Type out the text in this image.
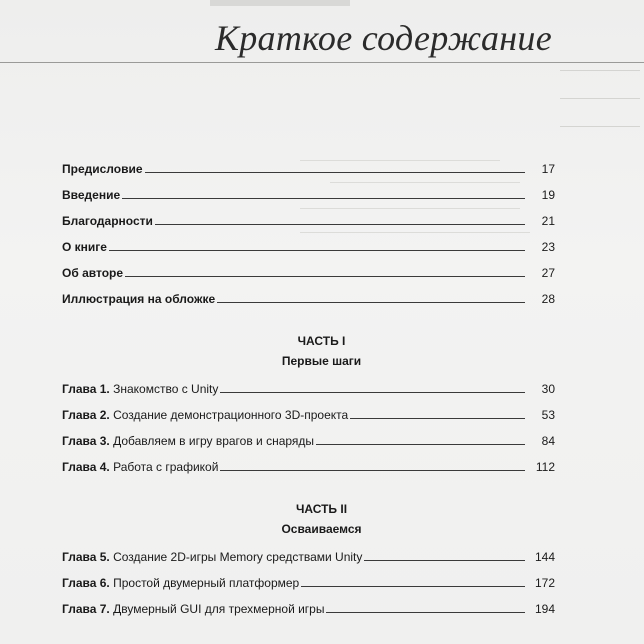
Краткое содержание
Предисловие	17
Введение	19
Благодарности	21
О книге	23
Об авторе	27
Иллюстрация на обложке	28
ЧАСТЬ I
Первые шаги
Глава 1. Знакомство с Unity	30
Глава 2. Создание демонстрационного 3D-проекта	53
Глава 3. Добавляем в игру врагов и снаряды	84
Глава 4. Работа с графикой	112
ЧАСТЬ II
Осваиваемся
Глава 5. Создание 2D-игры Memory средствами Unity	144
Глава 6. Простой двумерный платформер	172
Глава 7. Двумерный GUI для трехмерной игры	194
